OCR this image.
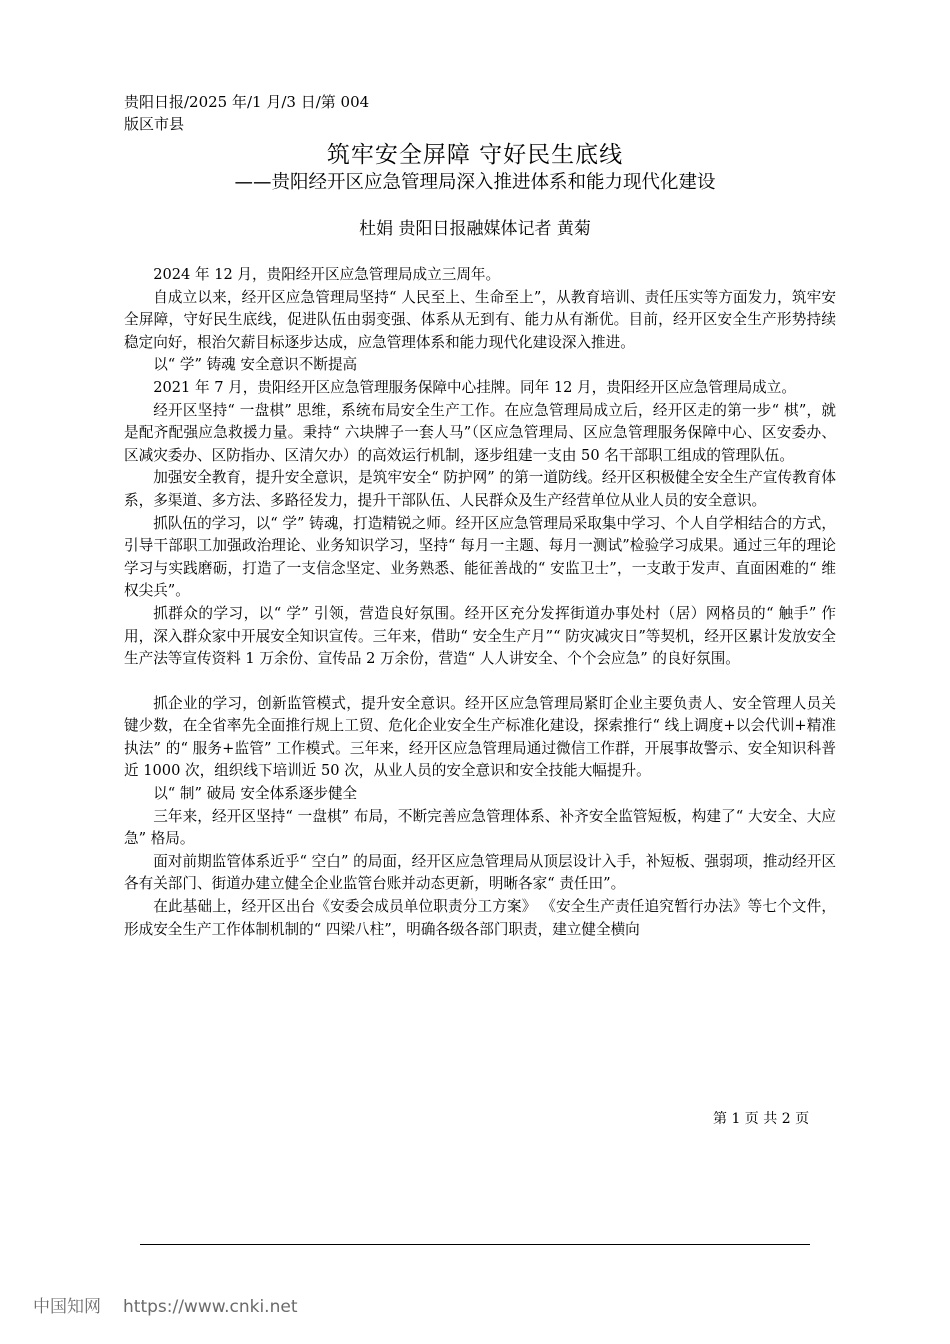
贵阳日报/2025 年/1 月/3 日/第 004
版区市县
筑牢安全屏障 守好民生底线
——贵阳经开区应急管理局深入推进体系和能力现代化建设
杜娟 贵阳日报融媒体记者 黄菊

2024 年 12 月，贵阳经开区应急管理局成立三周年。

自成立以来，经开区应急管理局坚持“ 人民至上、生命至上”，从教育培训、责任压实等方面发力，筑牢安全屏障，守好民生底线，促进队伍由弱变强、体系从无到有、能力从有渐优。目前，经开区安全生产形势持续稳定向好，根治欠薪目标逐步达成，应急管理体系和能力现代化建设深入推进。

以“ 学” 铸魂 安全意识不断提高

2021 年 7 月，贵阳经开区应急管理服务保障中心挂牌。同年 12 月，贵阳经开区应急管理局成立。

经开区坚持“ 一盘棋” 思维，系统布局安全生产工作。在应急管理局成立后，经开区走的第一步“ 棋”，就是配齐配强应急救援力量。秉持“ 六块牌子一套人马”（区应急管理局、区应急管理服务保障中心、区安委办、区减灾委办、区防指办、区清欠办）的高效运行机制，逐步组建一支由 50 名干部职工组成的管理队伍。

加强安全教育，提升安全意识，是筑牢安全“ 防护网” 的第一道防线。经开区积极健全安全生产宣传教育体系，多渠道、多方法、多路径发力，提升干部队伍、人民群众及生产经营单位从业人员的安全意识。

抓队伍的学习，以“ 学” 铸魂，打造精锐之师。经开区应急管理局采取集中学习、个人自学相结合的方式，引导干部职工加强政治理论、业务知识学习，坚持“ 每月一主题、每月一测试”检验学习成果。通过三年的理论学习与实践磨砺，打造了一支信念坚定、业务熟悉、能征善战的“ 安监卫士”，一支敢于发声、直面困难的“ 维权尖兵”。

抓群众的学习，以“ 学” 引领，营造良好氛围。经开区充分发挥街道办事处村（居）网格员的“ 触手” 作用，深入群众家中开展安全知识宣传。三年来，借助“ 安全生产月”“ 防灾减灾日”等契机，经开区累计发放安全生产法等宣传资料 1 万余份、宣传品 2 万余份，营造“ 人人讲安全、个个会应急” 的良好氛围。

抓企业的学习，创新监管模式，提升安全意识。经开区应急管理局紧盯企业主要负责人、安全管理人员关键少数，在全省率先全面推行规上工贸、危化企业安全生产标准化建设，探索推行“ 线上调度+以会代训+精准执法” 的“ 服务+监管” 工作模式。三年来，经开区应急管理局通过微信工作群，开展事故警示、安全知识科普近 1000 次，组织线下培训近 50 次，从业人员的安全意识和安全技能大幅提升。

以“ 制” 破局 安全体系逐步健全

三年来，经开区坚持“ 一盘棋” 布局，不断完善应急管理体系、补齐安全监管短板，构建了“ 大安全、大应急” 格局。

面对前期监管体系近乎“ 空白” 的局面，经开区应急管理局从顶层设计入手，补短板、强弱项，推动经开区各有关部门、街道办建立健全企业监管台账并动态更新，明晰各家“ 责任田”。

在此基础上，经开区出台《安委会成员单位职责分工方案》 《安全生产责任追究暂行办法》等七个文件，形成安全生产工作体制机制的“ 四梁八柱”，明确各级各部门职责，建立健全横向

第 1 页 共 2 页
中国知网 https://www.cnki.net
